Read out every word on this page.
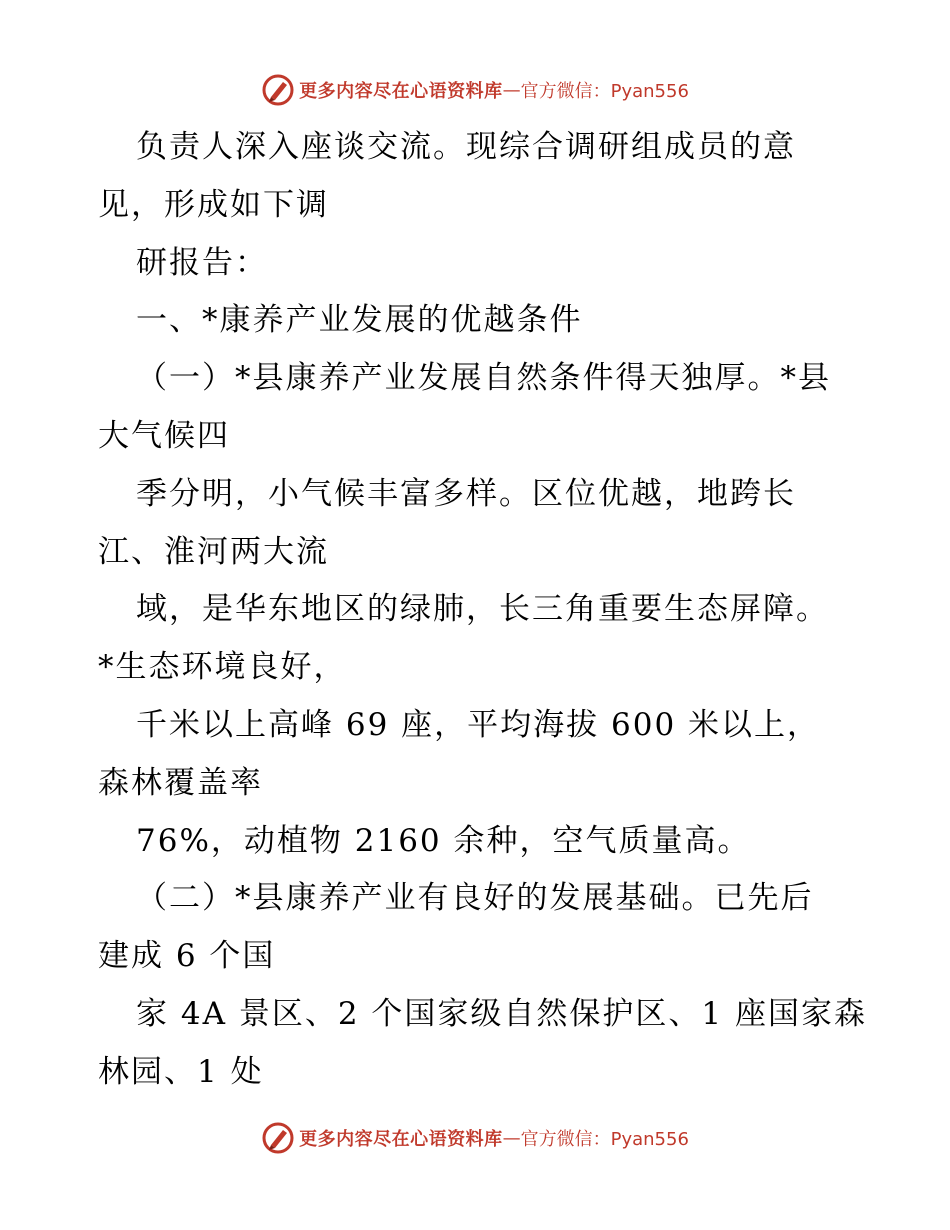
更多内容尽在心语资料库 — 官方微信：Pyan556
负责人深入座谈交流。现综合调研组成员的意
见，形成如下调
研报告：
一、*康养产业发展的优越条件
（一）*县康养产业发展自然条件得天独厚。*县
大气候四
季分明，小气候丰富多样。区位优越，地跨长
江、淮河两大流
域，是华东地区的绿肺，长三角重要生态屏障。
*生态环境良好，
千米以上高峰 69 座，平均海拔 600 米以上，
森林覆盖率
76%，动植物 2160 余种，空气质量高。
（二）*县康养产业有良好的发展基础。已先后
建成 6 个国
家 4A 景区、2 个国家级自然保护区、1 座国家森
林园、1 处
更多内容尽在心语资料库 — 官方微信：Pyan556
